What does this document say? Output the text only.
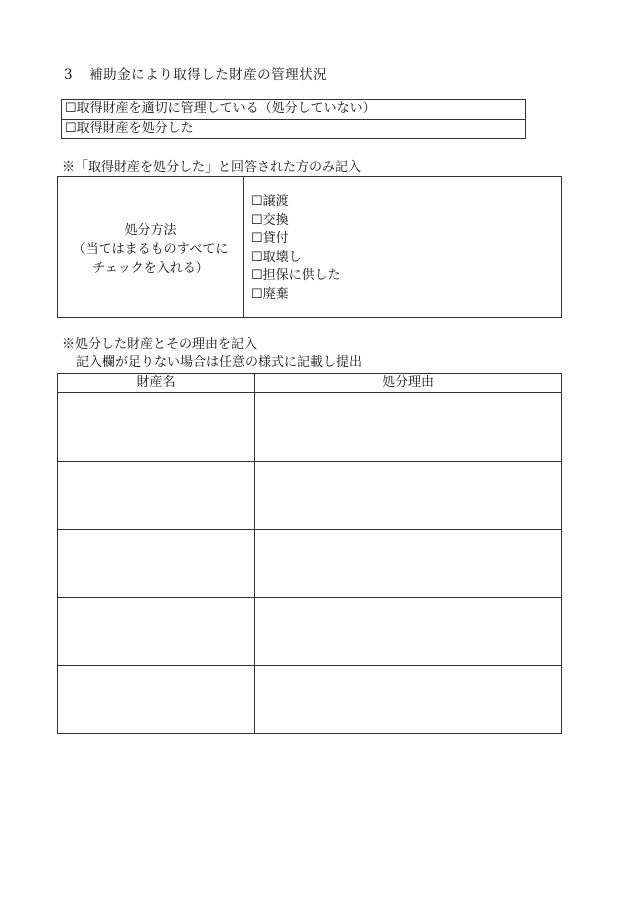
3 補助金により取得した財産の管理状況
☐取得財産を適切に管理している（処分していない）
☐取得財産を処分した
※「取得財産を処分した」と回答された方のみ記入
処分方法
（当てはまるものすべてに
チェックを入れる）
☐譲渡
☐交換
☐貸付
☐取壊し
☐担保に供した
☐廃棄
※処分した財産とその理由を記入
記入欄が足りない場合は任意の様式に記載し提出
財産名	処分理由
